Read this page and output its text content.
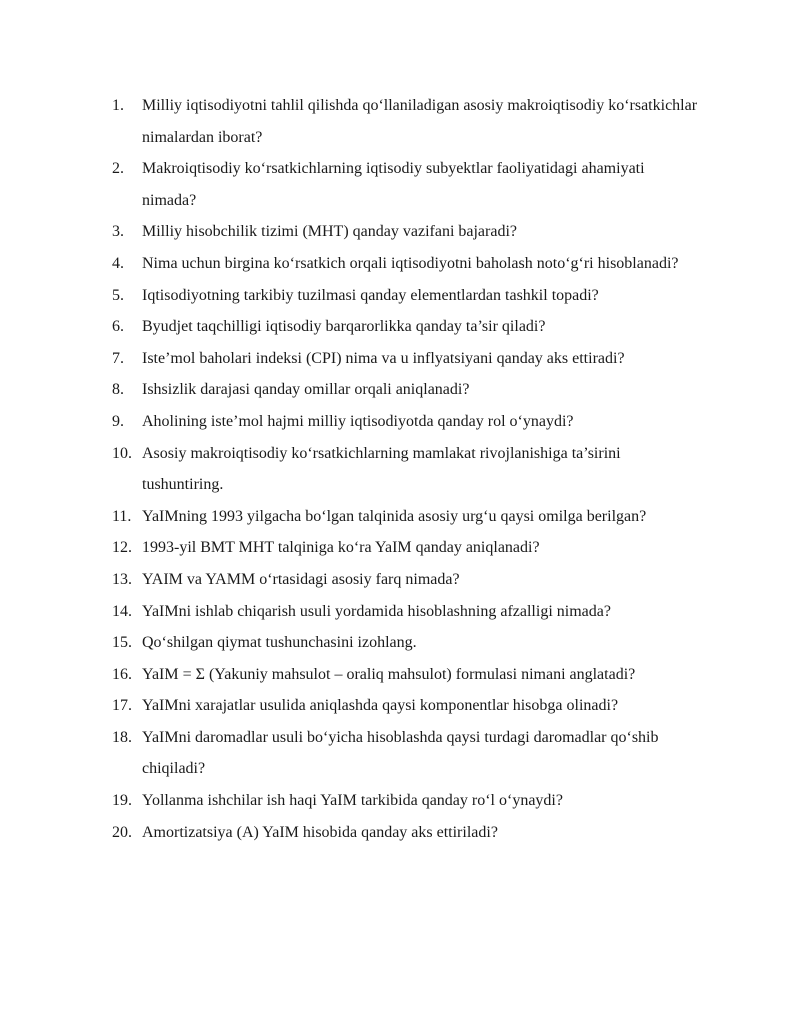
1.	Milliy iqtisodiyotni tahlil qilishda qo‘llaniladigan asosiy makroiqtisodiy ko‘rsatkichlar nimalardan iborat?
2.	Makroiqtisodiy ko‘rsatkichlarning iqtisodiy subyektlar faoliyatidagi ahamiyati nimada?
3.	Milliy hisobchilik tizimi (MHT) qanday vazifani bajaradi?
4.	Nima uchun birgina ko‘rsatkich orqali iqtisodiyotni baholash noto‘g‘ri hisoblanadi?
5.	Iqtisodiyotning tarkibiy tuzilmasi qanday elementlardan tashkil topadi?
6.	Byudjet taqchilligi iqtisodiy barqarorlikka qanday ta’sir qiladi?
7.	Iste’mol baholari indeksi (CPI) nima va u inflyatsiyani qanday aks ettiradi?
8.	Ishsizlik darajasi qanday omillar orqali aniqlanadi?
9.	Aholining iste’mol hajmi milliy iqtisodiyotda qanday rol o‘ynaydi?
10. Asosiy makroiqtisodiy ko‘rsatkichlarning mamlakat rivojlanishiga ta’sirini tushuntiring.
11. YaIMning 1993 yilgacha bo‘lgan talqinida asosiy urg‘u qaysi omilga berilgan?
12. 1993-yil BMT MHT talqiniga ko‘ra YaIM qanday aniqlanadi?
13. YAIM va YAMM o‘rtasidagi asosiy farq nimada?
14. YaIMni ishlab chiqarish usuli yordamida hisoblashning afzalligi nimada?
15. Qo‘shilgan qiymat tushunchasini izohlang.
16. YaIM = Σ (Yakuniy mahsulot – oraliq mahsulot) formulasi nimani anglatadi?
17. YaIMni xarajatlar usulida aniqlashda qaysi komponentlar hisobga olinadi?
18. YaIMni daromadlar usuli bo‘yicha hisoblashda qaysi turdagi daromadlar qo‘shib chiqiladi?
19. Yollanma ishchilar ish haqi YaIM tarkibida qanday ro‘l o‘ynaydi?
20. Amortizatsiya (A) YaIM hisobida qanday aks ettiriladi?
